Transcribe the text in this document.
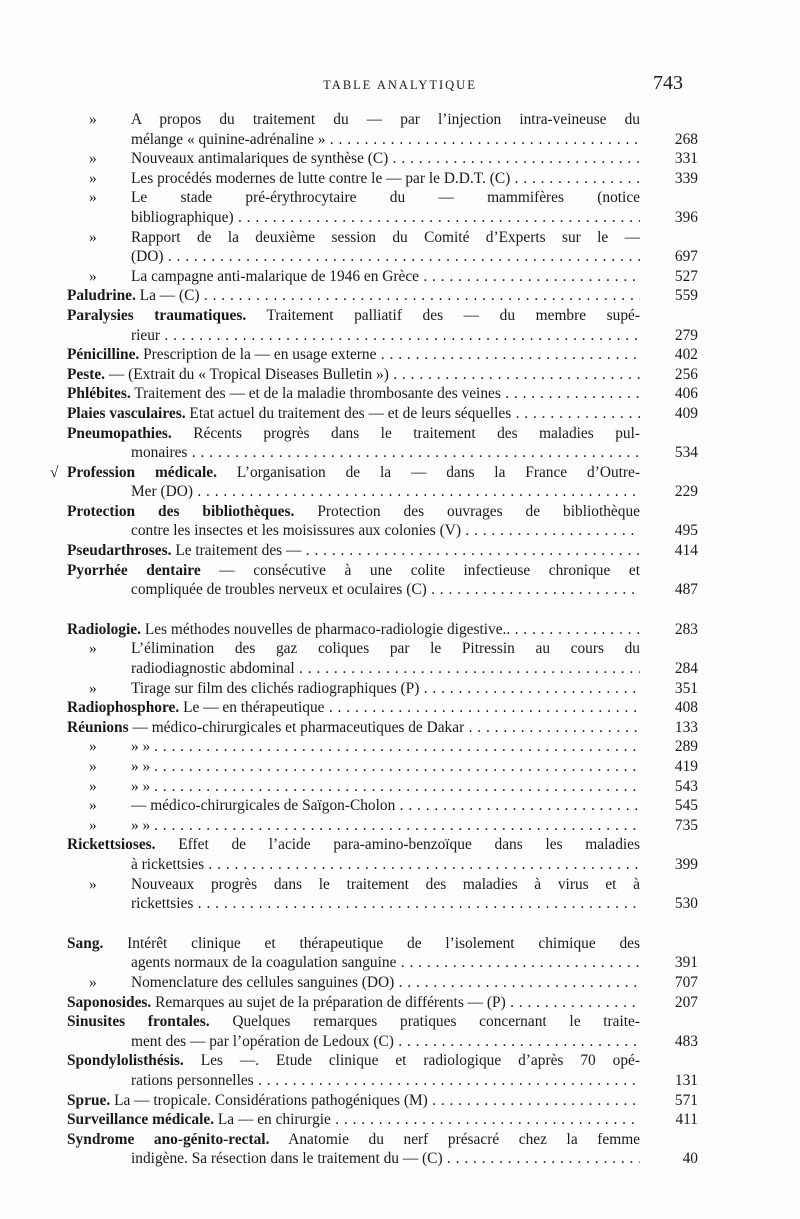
TABLE ANALYTIQUE	743
» A propos du traitement du — par l’injection intra-veineuse du
mélange « quinine-adrénaline » . . .	268
» Nouveaux antimalariques de synthèse (C) . . .	331
» Les procédés modernes de lutte contre le — par le D.D.T. (C) . . .	339
» Le stade pré-érythrocytaire du — mammifères (notice
bibliographique) . . .	396
» Rapport de la deuxième session du Comité d’Experts sur le —
(DO) . . .	697
» La campagne anti-malarique de 1946 en Grèce . . .	527
Paludrine. La — (C) . . .	559
Paralysies traumatiques. Traitement palliatif des — du membre supé-
rieur . . .	279
Pénicilline. Prescription de la — en usage externe . . .	402
Peste. — (Extrait du « Tropical Diseases Bulletin ») . . .	256
Phlébites. Traitement des — et de la maladie thrombosante des veines . . .	406
Plaies vasculaires. Etat actuel du traitement des — et de leurs séquelles . . .	409
Pneumopathies. Récents progrès dans le traitement des maladies pul-
monaires . . .	534
√ Profession médicale. L’organisation de la — dans la France d’Outre-
Mer (DO) . . .	229
Protection des bibliothèques. Protection des ouvrages de bibliothèque
contre les insectes et les moisissures aux colonies (V) . . .	495
Pseudarthroses. Le traitement des — . . .	414
Pyorrhée dentaire — consécutive à une colite infectieuse chronique et
compliquée de troubles nerveux et oculaires (C) . . .	487
Radiologie. Les méthodes nouvelles de pharmaco-radiologie digestive.. . . .	283
» L’élimination des gaz coliques par le Pitressin au cours du
radiodiagnostic abdominal . . .	284
» Tirage sur film des clichés radiographiques (P) . . .	351
Radiophosphore. Le — en thérapeutique . . .	408
Réunions — médico-chirurgicales et pharmaceutiques de Dakar . . .	133
» » » . . .	289
» » » . . .	419
» » » . . .	543
» — médico-chirurgicales de Saïgon-Cholon . . .	545
» » » . . .	735
Rickettsioses. Effet de l’acide para-amino-benzoïque dans les maladies
à rickettsies . . .	399
» Nouveaux progrès dans le traitement des maladies à virus et à
rickettsies . . .	530
Sang. Intérêt clinique et thérapeutique de l’isolement chimique des
agents normaux de la coagulation sanguine . . .	391
» Nomenclature des cellules sanguines (DO) . . .	707
Saponosides. Remarques au sujet de la préparation de différents — (P) . . .	207
Sinusites frontales. Quelques remarques pratiques concernant le traite-
ment des — par l’opération de Ledoux (C) . . .	483
Spondylolisthésis. Les —. Etude clinique et radiologique d’après 70 opé-
rations personnelles . . .	131
Sprue. La — tropicale. Considérations pathogéniques (M) . . .	571
Surveillance médicale. La — en chirurgie . . .	411
Syndrome ano-génito-rectal. Anatomie du nerf présacré chez la femme
indigène. Sa résection dans le traitement du — (C) . . .	40
